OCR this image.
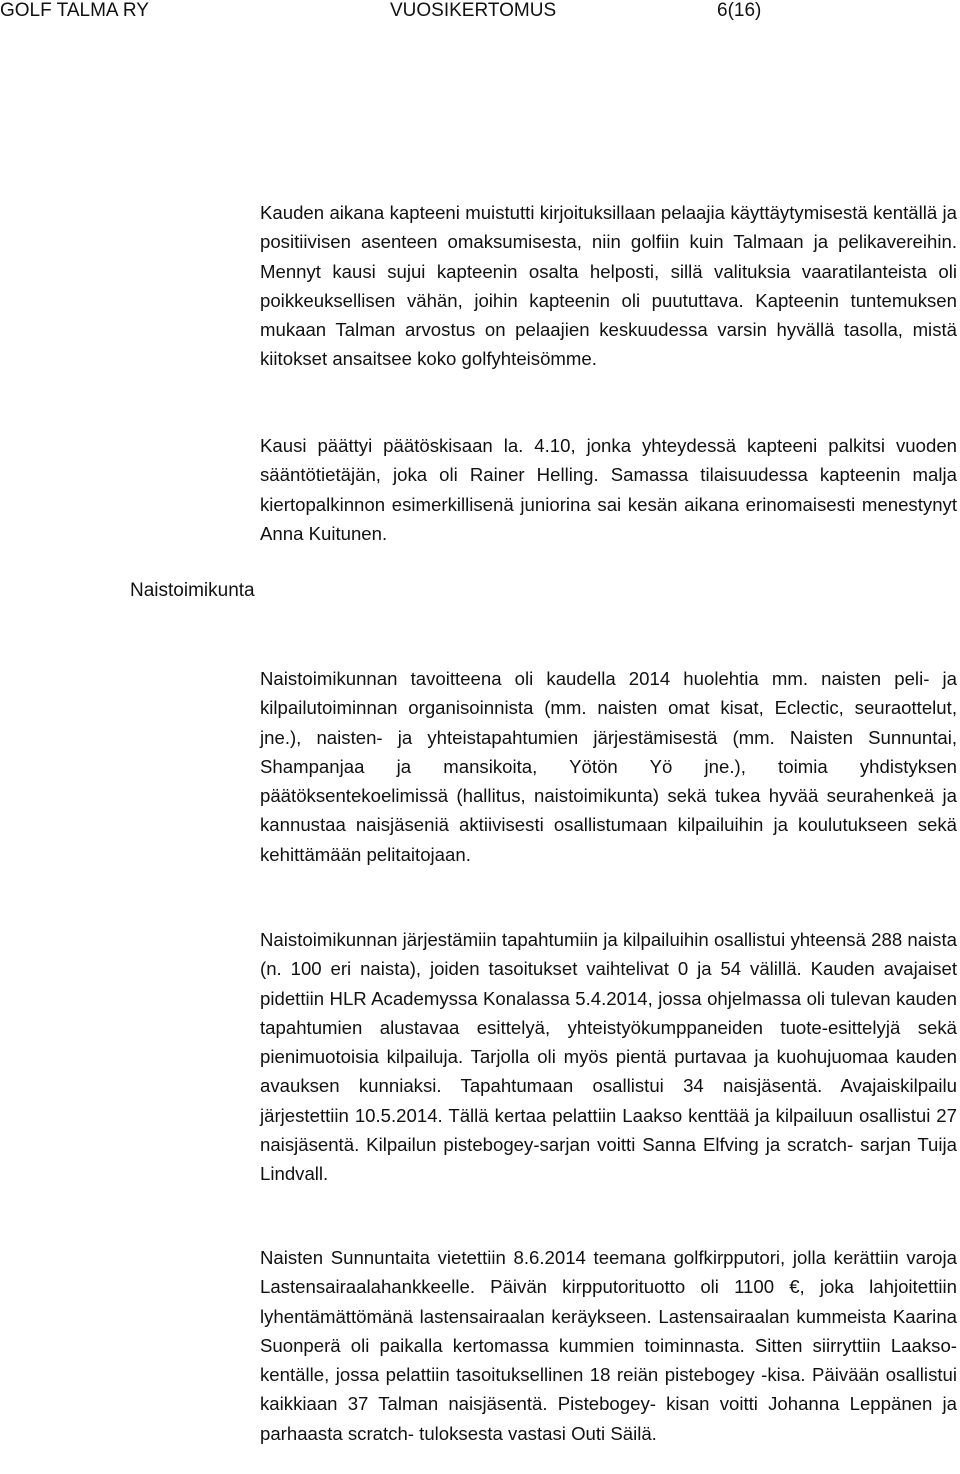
GOLF TALMA RY	VUOSIKERTOMUS	6(16)
Naistoimikunta

Kauden aikana kapteeni muistutti kirjoituksillaan pelaajia käyttäytymisestä kentällä ja positiivisen asenteen omaksumisesta, niin golfiin kuin Talmaan ja pelikavereihin. Mennyt kausi sujui kapteenin osalta helposti, sillä valituksia vaaratilanteista oli poikkeuksellisen vähän, joihin kapteenin oli puututtava. Kapteenin tuntemuksen mukaan Talman arvostus on pelaajien keskuudessa varsin hyvällä tasolla, mistä kiitokset ansaitsee koko golfyhteisömme.

Kausi päättyi päätöskisaan la. 4.10, jonka yhteydessä kapteeni palkitsi vuoden sääntötietäjän, joka oli Rainer Helling. Samassa tilaisuudessa kapteenin malja kiertopalkinnon esimerkillisenä juniorina sai kesän aikana erinomaisesti menestynyt Anna Kuitunen.

Naistoimikunnan tavoitteena oli kaudella 2014 huolehtia mm. naisten peli- ja kilpailutoiminnan organisoinnista (mm. naisten omat kisat, Eclectic, seuraottelut, jne.), naisten- ja yhteistapahtumien järjestämisestä (mm. Naisten Sunnuntai, Shampanjaa ja mansikoita, Yötön Yö jne.), toimia yhdistyksen päätöksentekoelimissä (hallitus, naistoimikunta) sekä tukea hyvää seurahenkeä ja kannustaa naisjäseniä aktiivisesti osallistumaan kilpailuihin ja koulutukseen sekä kehittämään pelitaitojaan.

Naistoimikunnan järjestämiin tapahtumiin ja kilpailuihin osallistui yhteensä 288 naista (n. 100 eri naista), joiden tasoitukset vaihtelivat 0 ja 54 välillä. Kauden avajaiset pidettiin HLR Academyssa Konalassa 5.4.2014, jossa ohjelmassa oli tulevan kauden tapahtumien alustavaa esittelyä, yhteistyökumppaneiden tuote-esittelyjä sekä pienimuotoisia kilpailuja. Tarjolla oli myös pientä purtavaa ja kuohujuomaa kauden avauksen kunniaksi. Tapahtumaan osallistui 34 naisjäsentä. Avajaiskilpailu järjestettiin 10.5.2014. Tällä kertaa pelattiin Laakso kenttää ja kilpailuun osallistui 27 naisjäsentä. Kilpailun pistebogey-sarjan voitti Sanna Elfving ja scratch- sarjan Tuija Lindvall.

Naisten Sunnuntaita vietettiin 8.6.2014 teemana golfkirpputori, jolla kerättiin varoja Lastensairaalahankkeelle. Päivän kirpputorituotto oli 1100 €, joka lahjoitettiin lyhentämättömänä lastensairaalan keräykseen. Lastensairaalan kummeista Kaarina Suonperä oli paikalla kertomassa kummien toiminnasta. Sitten siirryttiin Laakso-kentälle, jossa pelattiin tasoituksellinen 18 reiän pistebogey -kisa. Päivään osallistui kaikkiaan 37 Talman naisjäsentä. Pistebogey- kisan voitti Johanna Leppänen ja parhaasta scratch- tuloksesta vastasi Outi Säilä.
